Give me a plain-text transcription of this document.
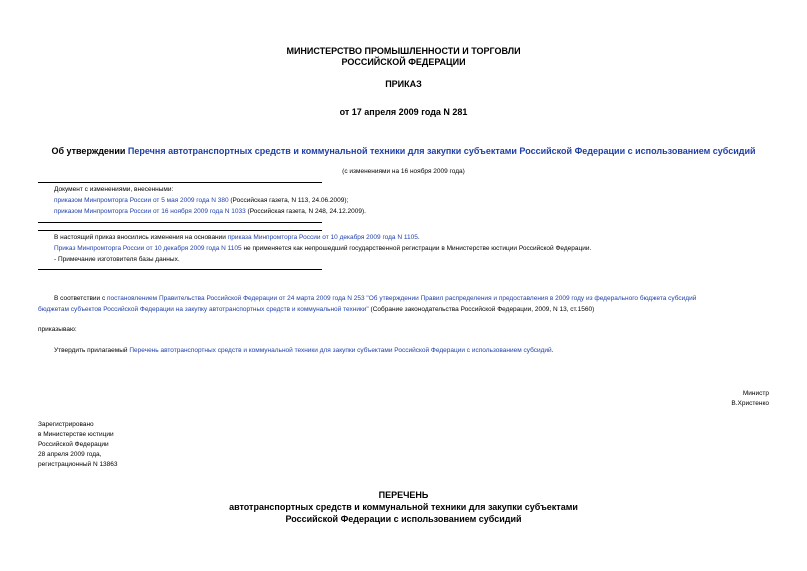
МИНИСТЕРСТВО ПРОМЫШЛЕННОСТИ И ТОРГОВЛИ
РОССИЙСКОЙ ФЕДЕРАЦИИ
ПРИКАЗ
от 17 апреля 2009 года N 281
Об утверждении Перечня автотранспортных средств и коммунальной техники для закупки субъектами Российской Федерации с использованием субсидий
(с изменениями на 16 ноября 2009 года)
Документ с изменениями, внесенными:
приказом Минпромторга России от 5 мая 2009 года N 380 (Российская газета, N 113, 24.06.2009);
приказом Минпромторга России от 16 ноября 2009 года N 1033 (Российская газета, N 248, 24.12.2009).
В настоящий приказ вносились изменения на основании приказа Минпромторга России от 10 декабря 2009 года N 1105.
Приказ Минпромторга России от 10 декабря 2009 года N 1105 не применяется как непрошедший государственной регистрации в Министерстве юстиции Российской Федерации.
- Примечание изготовителя базы данных.
В соответствии с постановлением Правительства Российской Федерации от 24 марта 2009 года N 253 "Об утверждении Правил распределения и предоставления в 2009 году из федерального бюджета субсидий
бюджетам субъектов Российской Федерации на закупку автотранспортных средств и коммунальной техники" (Собрание законодательства Российской Федерации, 2009, N 13, ст.1560)
приказываю:
Утвердить прилагаемый Перечень автотранспортных средств и коммунальной техники для закупки субъектами Российской Федерации с использованием субсидий.
Министр
В.Христенко
Зарегистрировано
в Министерстве юстиции
Российской Федерации
28 апреля 2009 года,
регистрационный N 13863
ПЕРЕЧЕНЬ
автотранспортных средств и коммунальной техники для закупки субъектами
Российской Федерации с использованием субсидий
